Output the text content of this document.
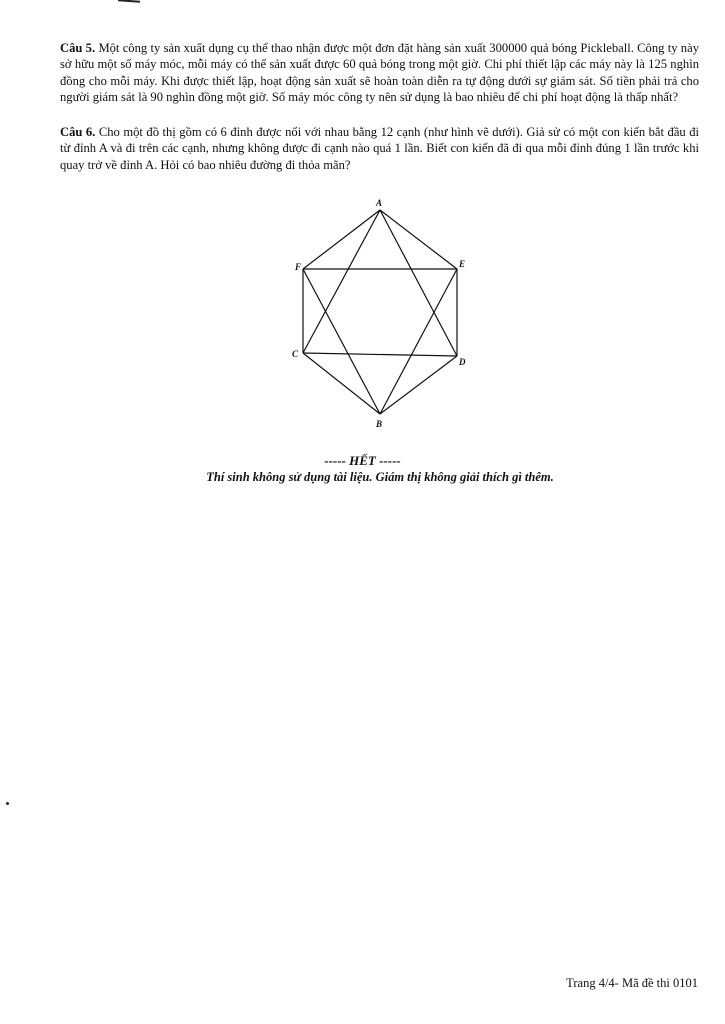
Câu 5. Một công ty sản xuất dụng cụ thể thao nhận được một đơn đặt hàng sản xuất 300000 quả bóng Pickleball. Công ty này sở hữu một số máy móc, mỗi máy có thể sản xuất được 60 quả bóng trong một giờ. Chi phí thiết lập các máy này là 125 nghìn đồng cho mỗi máy. Khi được thiết lập, hoạt động sản xuất sẽ hoàn toàn diễn ra tự động dưới sự giám sát. Số tiền phải trả cho người giám sát là 90 nghìn đồng một giờ. Số máy móc công ty nên sử dụng là bao nhiêu để chi phí hoạt động là thấp nhất?
Câu 6. Cho một đồ thị gồm có 6 đỉnh được nối với nhau bằng 12 cạnh (như hình vẽ dưới). Giả sử có một con kiến bắt đầu đi từ đỉnh A và đi trên các cạnh, nhưng không được đi cạnh nào quá 1 lần. Biết con kiến đã đi qua mỗi đỉnh đúng 1 lần trước khi quay trở về đỉnh A. Hỏi có bao nhiêu đường đi thỏa mãn?
A
E
F
C
D
B
----- HẾT -----
Thí sinh không sử dụng tài liệu. Giám thị không giải thích gì thêm.
Trang 4/4- Mã đề thi 0101
